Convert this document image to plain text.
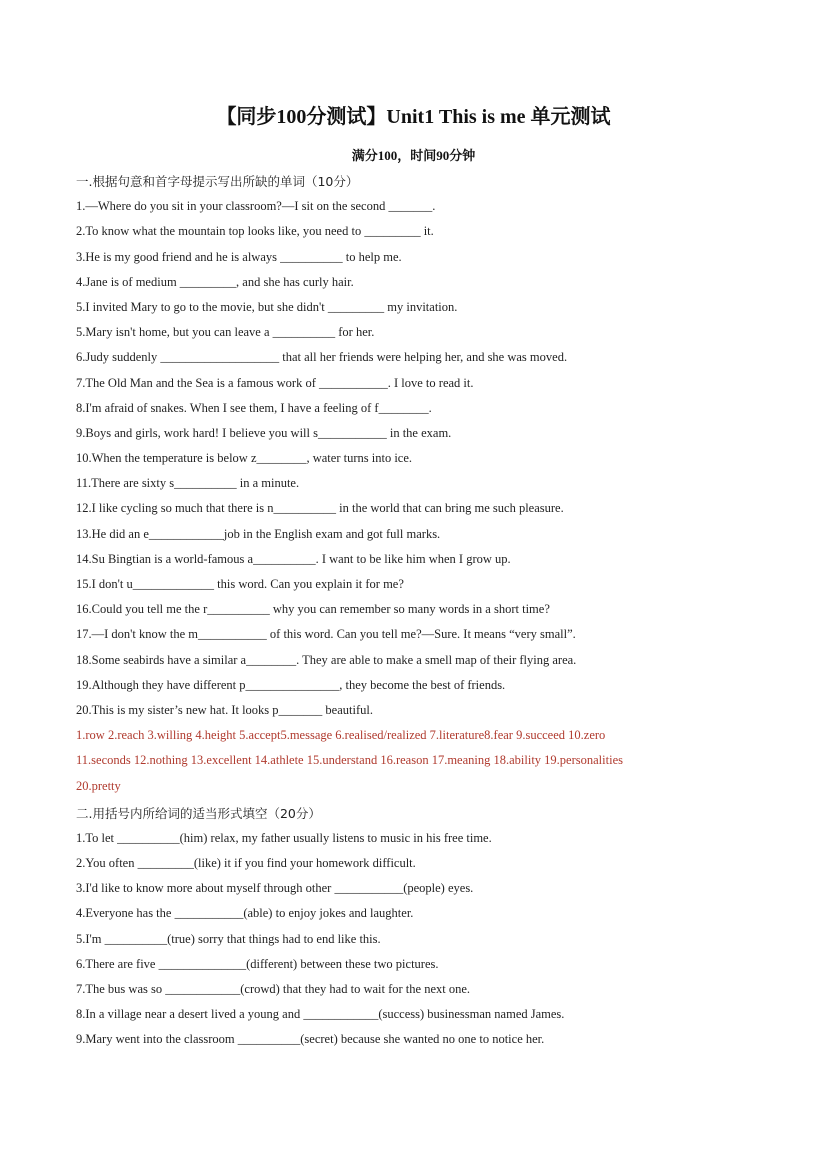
【同步100分测试】Unit1 This is me 单元测试
满分100，时间90分钟
一.根据句意和首字母提示写出所缺的单词（10分）
1.—Where do you sit in your classroom?—I sit on the second _______.
2.To know what the mountain top looks like, you need to _________ it.
3.He is my good friend and he is always __________ to help me.
4.Jane is of medium _________, and she has curly hair.
5.I invited Mary to go to the movie, but she didn't _________ my invitation.
5.Mary isn't home, but you can leave a __________ for her.
6.Judy suddenly ___________________ that all her friends were helping her, and she was moved.
7.The Old Man and the Sea is a famous work of ___________. I love to read it.
8.I'm afraid of snakes. When I see them, I have a feeling of f________.
9.Boys and girls, work hard! I believe you will s___________ in the exam.
10.When the temperature is below z________, water turns into ice.
11.There are sixty s__________ in a minute.
12.I like cycling so much that there is n__________ in the world that can bring me such pleasure.
13.He did an e____________job in the English exam and got full marks.
14.Su Bingtian is a world-famous a__________. I want to be like him when I grow up.
15.I don't u_____________ this word. Can you explain it for me?
16.Could you tell me the r__________ why you can remember so many words in a short time?
17.—I don't know the m___________ of this word. Can you tell me?—Sure. It means “very small”.
18.Some seabirds have a similar a________. They are able to make a smell map of their flying area.
19.Although they have different p_______________, they become the best of friends.
20.This is my sister’s new hat. It looks p_______ beautiful.
1.row 2.reach 3.willing 4.height 5.accept5.message 6.realised/realized 7.literature8.fear 9.succeed 10.zero
11.seconds 12.nothing 13.excellent 14.athlete 15.understand 16.reason 17.meaning 18.ability 19.personalities
20.pretty
二.用括号内所给词的适当形式填空（20分）
1.To let __________(him) relax, my father usually listens to music in his free time.
2.You often _________(like) it if you find your homework difficult.
3.I'd like to know more about myself through other ___________(people) eyes.
4.Everyone has the ___________(able) to enjoy jokes and laughter.
5.I'm __________(true) sorry that things had to end like this.
6.There are five ______________(different) between these two pictures.
7.The bus was so ____________(crowd) that they had to wait for the next one.
8.In a village near a desert lived a young and ____________(success) businessman named James.
9.Mary went into the classroom __________(secret) because she wanted no one to notice her.
